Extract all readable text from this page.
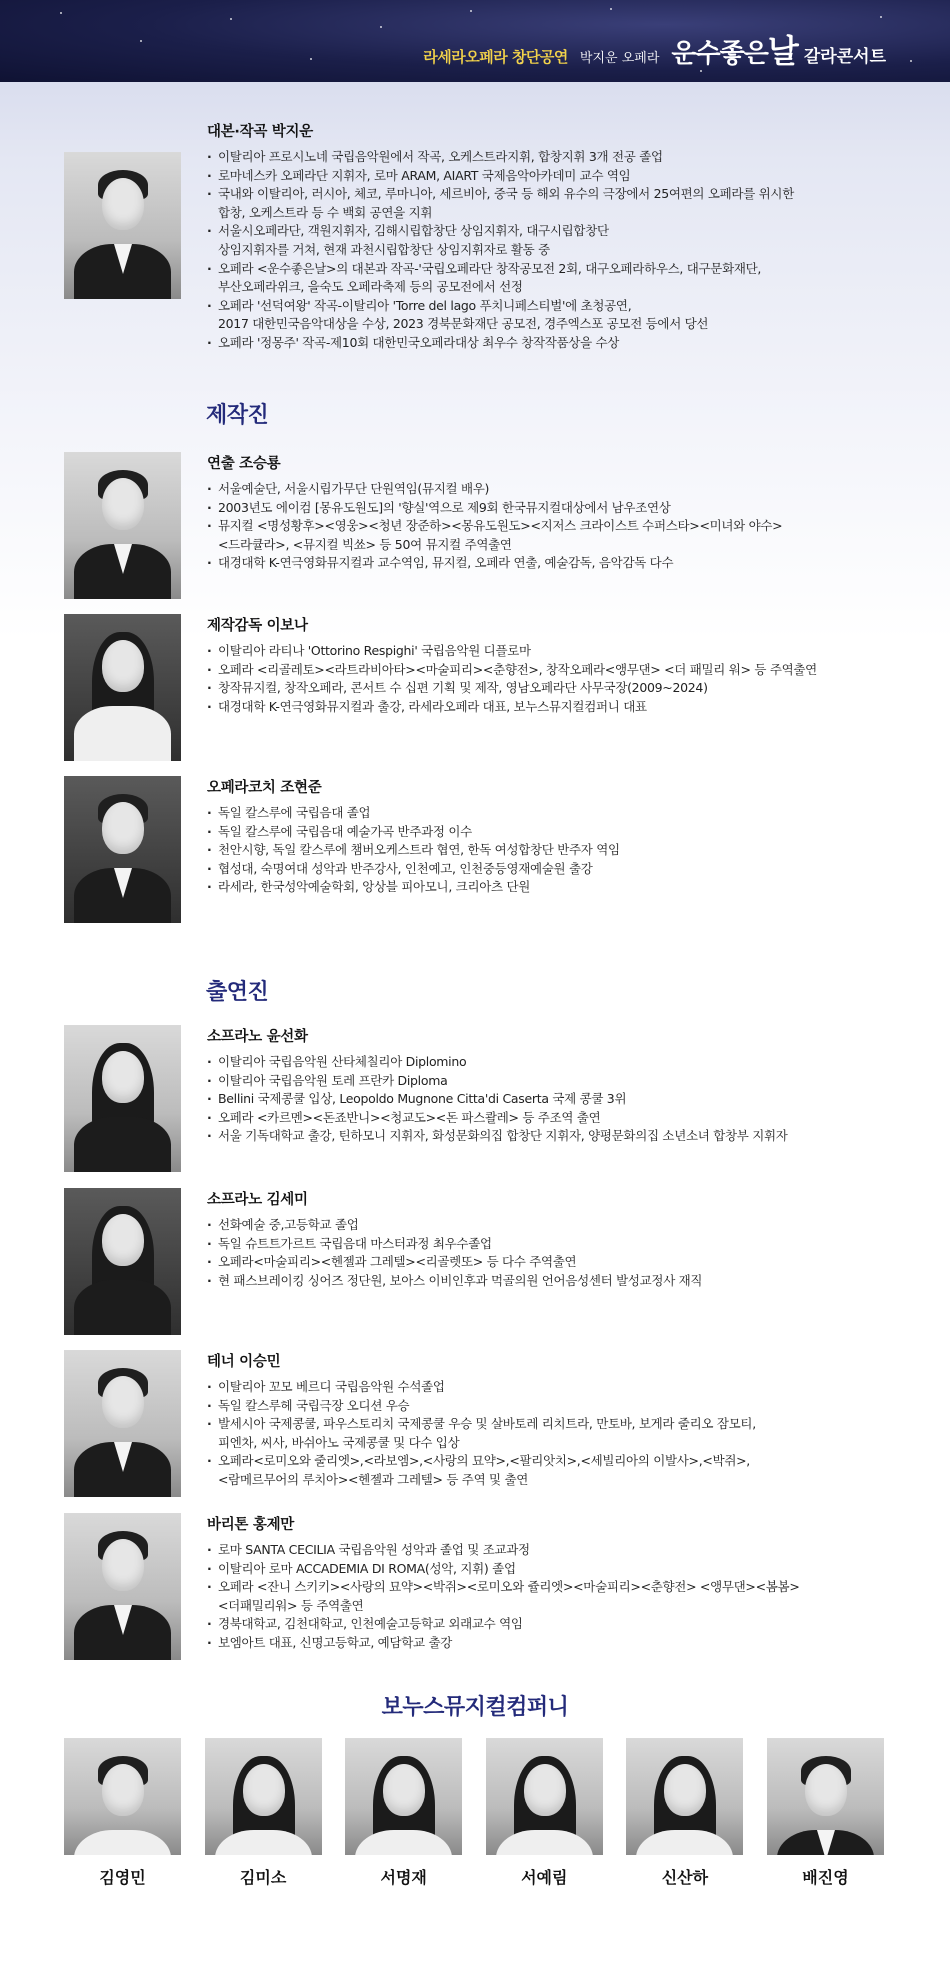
라세라오페라 창단공연 박지운 오페라 운수좋은날 갈라콘서트
대본·작곡 박지운
· 이탈리아 프로시노네 국립음악원에서 작곡, 오케스트라지휘, 합창지휘 3개 전공 졸업
· 로마네스카 오페라단 지휘자, 로마 ARAM, AIART 국제음악아카데미 교수 역임
· 국내와 이탈리아, 러시아, 체코, 루마니아, 세르비아, 중국 등 해외 유수의 극장에서 25여편의 오페라를 위시한
합창, 오케스트라 등 수 백회 공연을 지휘
· 서울시오페라단, 객원지휘자, 김해시립합창단 상임지휘자, 대구시립합창단
상임지휘자를 거쳐, 현재 과천시립합창단 상임지휘자로 활동 중
· 오페라 <운수좋은날>의 대본과 작곡-'국립오페라단 창작공모전 2회, 대구오페라하우스, 대구문화재단,
부산오페라위크, 을숙도 오페라축제 등의 공모전에서 선정
· 오페라 '선덕여왕' 작곡-이탈리아 'Torre del lago 푸치니페스티벌'에 초청공연,
2017 대한민국음악대상을 수상, 2023 경북문화재단 공모전, 경주엑스포 공모전 등에서 당선
· 오페라 '정몽주' 작곡-제10회 대한민국오페라대상 최우수 창작작품상을 수상
제작진
연출 조승룡
· 서울예술단, 서울시립가무단 단원역임(뮤지컬 배우)
· 2003년도 에이컴 [몽유도원도]의 '향실'역으로 제9회 한국뮤지컬대상에서 남우조연상
· 뮤지컬 <명성황후><영웅><청년 장준하><몽유도원도><지저스 크라이스트 수퍼스타><미녀와 야수>
<드라큘라>, <뮤지컬 빅쑈> 등 50여 뮤지컬 주역출연
· 대경대학 K-연극영화뮤지컬과 교수역임, 뮤지컬, 오페라 연출, 예술감독, 음악감독 다수
제작감독 이보나
· 이탈리아 라티나 'Ottorino Respighi' 국립음악원 디플로마
· 오페라 <리골레토><라트라비아타><마술피리><춘향전>, 창작오페라<앵무댄> <더 패밀리 워> 등 주역출연
· 창작뮤지컬, 창작오페라, 콘서트 수 십편 기획 및 제작, 영남오페라단 사무국장(2009~2024)
· 대경대학 K-연극영화뮤지컬과 출강, 라세라오페라 대표, 보누스뮤지컬컴퍼니 대표
오페라코치 조현준
· 독일 칼스루에 국립음대 졸업
· 독일 칼스루에 국립음대 예술가곡 반주과정 이수
· 천안시향, 독일 칼스루에 챔버오케스트라 협연, 한독 여성합창단 반주자 역임
· 협성대, 숙명여대 성악과 반주강사, 인천예고, 인천중등영재예술원 출강
· 라세라, 한국성악예술학회, 앙상블 피아모니, 크리아츠 단원
출연진
소프라노 윤선화
· 이탈리아 국립음악원 산타체칠리아 Diplomino
· 이탈리아 국립음악원 토레 프란카 Diploma
· Bellini 국제콩쿨 입상, Leopoldo Mugnone Citta'di Caserta 국제 콩쿨 3위
· 오페라 <카르멘><돈죠반니><청교도><돈 파스콸레> 등 주조역 출연
· 서울 기독대학교 출강, 틴하모니 지휘자, 화성문화의집 합창단 지휘자, 양평문화의집 소년소녀 합창부 지휘자
소프라노 김세미
· 선화예술 중,고등학교 졸업
· 독일 슈트트가르트 국립음대 마스터과정 최우수졸업
· 오페라<마술피리><헨젤과 그레텔><리골렛또> 등 다수 주역출연
· 현 패스브레이킹 싱어즈 정단원, 보아스 이비인후과 먹골의원 언어음성센터 발성교정사 재직
테너 이승민
· 이탈리아 꼬모 베르디 국립음악원 수석졸업
· 독일 칼스루헤 국립극장 오디션 우승
· 발세시아 국제콩쿨, 파우스토리치 국제콩쿨 우승 및 살바토레 리치트라, 만토바, 보게라 줄리오 잠모티,
피엔차, 씨사, 바쉬아노 국제콩쿨 및 다수 입상
· 오페라<로미오와 줄리엣>,<라보엠>,<사랑의 묘약>,<팔리앗치>,<세빌리아의 이발사>,<박쥐>,
<람메르무어의 루치아><헨젤과 그레텔> 등 주역 및 출연
바리톤 홍제만
· 로마 SANTA CECILIA 국립음악원 성악과 졸업 및 조교과정
· 이탈리아 로마 ACCADEMIA DI ROMA(성악, 지휘) 졸업
· 오페라 <잔니 스키키><사랑의 묘약><박쥐><로미오와 쥴리엣><마술피리><춘향전> <앵무댄><봄봄>
<더패밀리워> 등 주역출연
· 경북대학교, 김천대학교, 인천예술고등학교 외래교수 역임
· 보엠아트 대표, 신명고등학교, 예담학교 출강
보누스뮤지컬컴퍼니
김영민	김미소	서명재	서예림	신산하	배진영
